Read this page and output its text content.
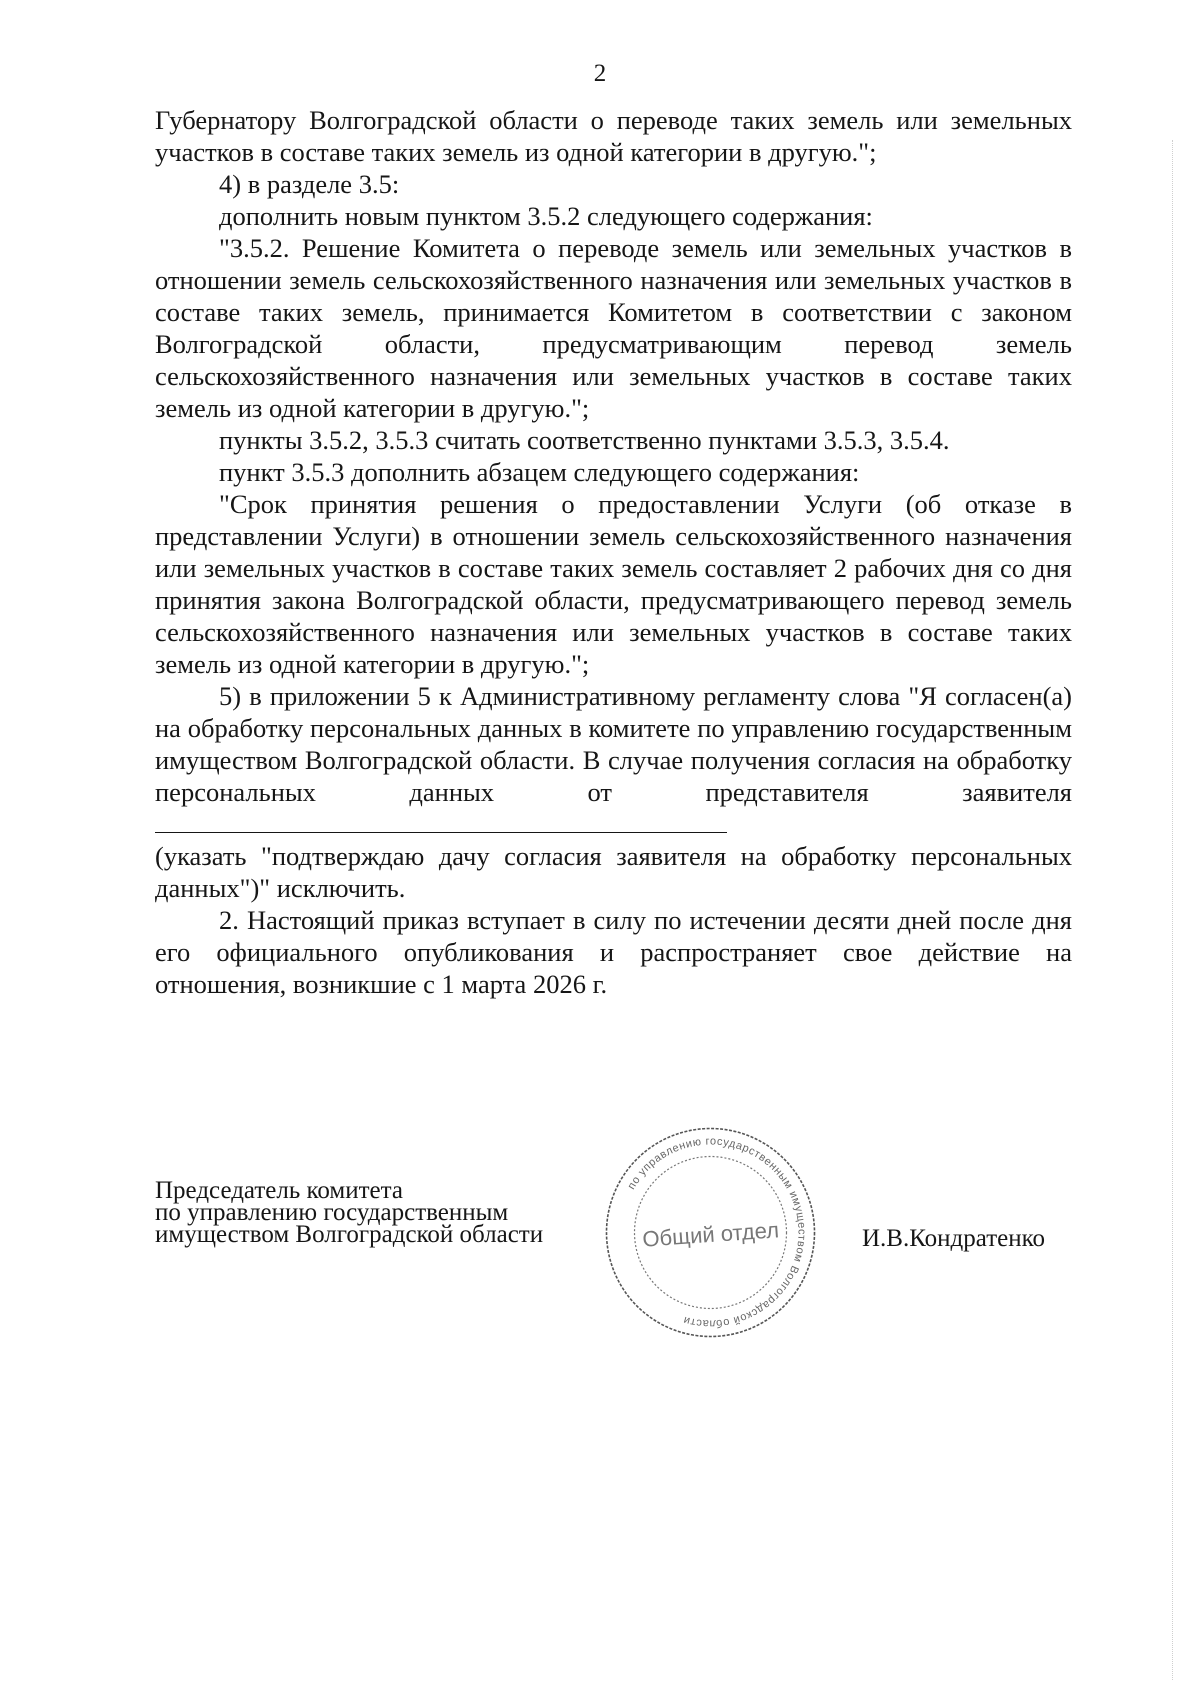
2

Губернатору Волгоградской области о переводе таких земель или земельных участков в составе таких земель из одной категории в другую.";

4) в разделе 3.5:

дополнить новым пунктом 3.5.2 следующего содержания:

"3.5.2. Решение Комитета о переводе земель или земельных участков в отношении земель сельскохозяйственного назначения или земельных участков в составе таких земель, принимается Комитетом в соответствии с законом Волгоградской области, предусматривающим перевод земель сельскохозяйственного назначения или земельных участков в составе таких земель из одной категории в другую.";

пункты 3.5.2, 3.5.3 считать соответственно пунктами 3.5.3, 3.5.4.

пункт 3.5.3 дополнить абзацем следующего содержания:

"Срок принятия решения о предоставлении Услуги (об отказе в представлении Услуги) в отношении земель сельскохозяйственного назначения или земельных участков в составе таких земель составляет 2 рабочих дня со дня принятия закона Волгоградской области, предусматривающего перевод земель сельскохозяйственного назначения или земельных участков в составе таких земель из одной категории в другую.";

5) в приложении 5 к Административному регламенту слова "Я согласен(а) на обработку персональных данных в комитете по управлению государственным имуществом Волгоградской области. В случае получения согласия на обработку персональных данных от представителя заявителя

(указать "подтверждаю дачу согласия заявителя на обработку персональных данных")" исключить.

2. Настоящий приказ вступает в силу по истечении десяти дней после дня его официального опубликования и распространяет свое действие на отношения, возникшие с 1 марта 2026 г.

Председатель комитета
по управлению государственным
имуществом Волгоградской области	И.В.Кондратенко
по управлению государственным имуществом Волгоградской области
Общий отдел
